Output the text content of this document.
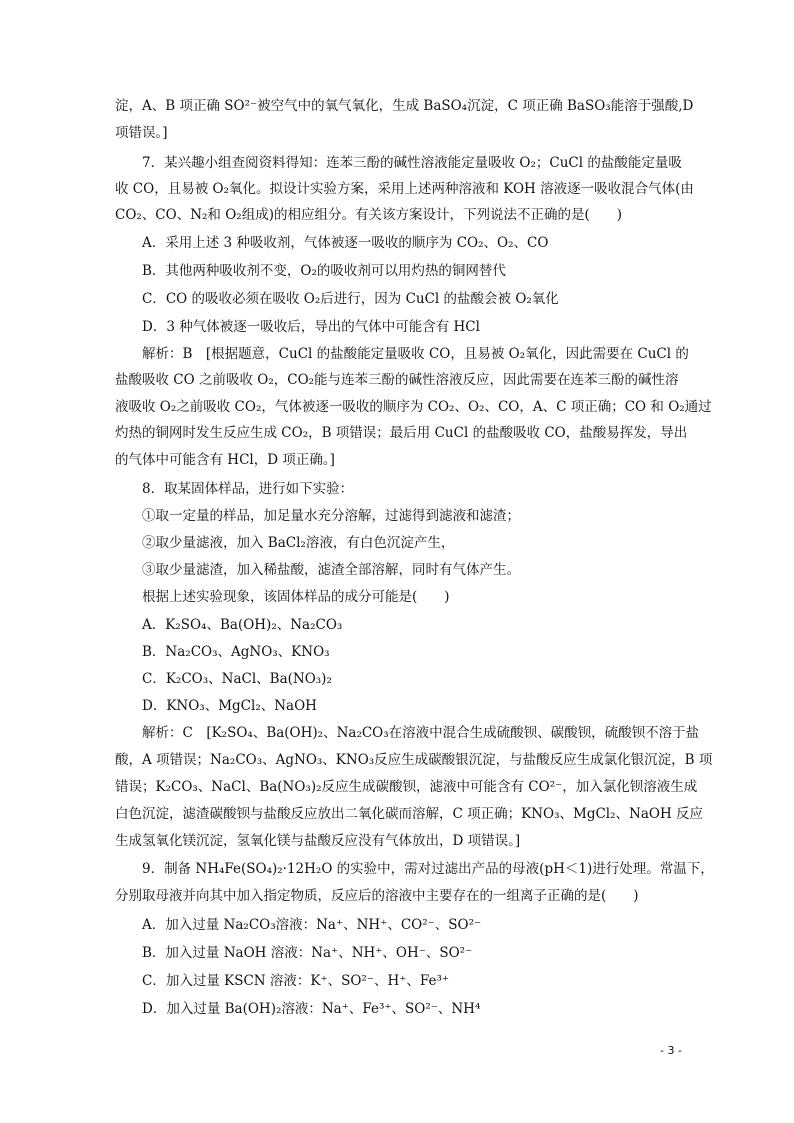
淀，A、B 项正确 SO²⁻被空气中的氧气氧化，生成 BaSO₄沉淀，C 项正确 BaSO₃能溶于强酸,D
项错误。]
7．某兴趣小组查阅资料得知：连苯三酚的碱性溶液能定量吸收 O₂；CuCl 的盐酸能定量吸
收 CO，且易被 O₂氧化。拟设计实验方案，采用上述两种溶液和 KOH 溶液逐一吸收混合气体(由
CO₂、CO、N₂和 O₂组成)的相应组分。有关该方案设计，下列说法不正确的是(　　)
A．采用上述 3 种吸收剂，气体被逐一吸收的顺序为 CO₂、O₂、CO
B．其他两种吸收剂不变，O₂的吸收剂可以用灼热的铜网替代
C．CO 的吸收必须在吸收 O₂后进行，因为 CuCl 的盐酸会被 O₂氧化
D．3 种气体被逐一吸收后，导出的气体中可能含有 HCl
解析：B　[根据题意，CuCl 的盐酸能定量吸收 CO，且易被 O₂氧化，因此需要在 CuCl 的
盐酸吸收 CO 之前吸收 O₂，CO₂能与连苯三酚的碱性溶液反应，因此需要在连苯三酚的碱性溶
液吸收 O₂之前吸收 CO₂，气体被逐一吸收的顺序为 CO₂、O₂、CO，A、C 项正确；CO 和 O₂通过
灼热的铜网时发生反应生成 CO₂，B 项错误；最后用 CuCl 的盐酸吸收 CO，盐酸易挥发，导出
的气体中可能含有 HCl，D 项正确。]
8．取某固体样品，进行如下实验：
①取一定量的样品，加足量水充分溶解，过滤得到滤液和滤渣；
②取少量滤液，加入 BaCl₂溶液，有白色沉淀产生，
③取少量滤渣，加入稀盐酸，滤渣全部溶解，同时有气体产生。
根据上述实验现象，该固体样品的成分可能是(　　)
A．K₂SO₄、Ba(OH)₂、Na₂CO₃
B．Na₂CO₃、AgNO₃、KNO₃
C．K₂CO₃、NaCl、Ba(NO₃)₂
D．KNO₃、MgCl₂、NaOH
解析：C　[K₂SO₄、Ba(OH)₂、Na₂CO₃在溶液中混合生成硫酸钡、碳酸钡，硫酸钡不溶于盐
酸，A 项错误；Na₂CO₃、AgNO₃、KNO₃反应生成碳酸银沉淀，与盐酸反应生成氯化银沉淀，B 项
错误；K₂CO₃、NaCl、Ba(NO₃)₂反应生成碳酸钡，滤液中可能含有 CO²⁻，加入氯化钡溶液生成
白色沉淀，滤渣碳酸钡与盐酸反应放出二氧化碳而溶解，C 项正确；KNO₃、MgCl₂、NaOH 反应
生成氢氧化镁沉淀，氢氧化镁与盐酸反应没有气体放出，D 项错误。]
9．制备 NH₄Fe(SO₄)₂·12H₂O 的实验中，需对过滤出产品的母液(pH＜1)进行处理。常温下，
分别取母液并向其中加入指定物质，反应后的溶液中主要存在的一组离子正确的是(　　)
A．加入过量 Na₂CO₃溶液：Na⁺、NH⁺、CO²⁻、SO²⁻
B．加入过量 NaOH 溶液：Na⁺、NH⁺、OH⁻、SO²⁻
C．加入过量 KSCN 溶液：K⁺、SO²⁻、H⁺、Fe³⁺
D．加入过量 Ba(OH)₂溶液：Na⁺、Fe³⁺、SO²⁻、NH⁴
- 3 -
